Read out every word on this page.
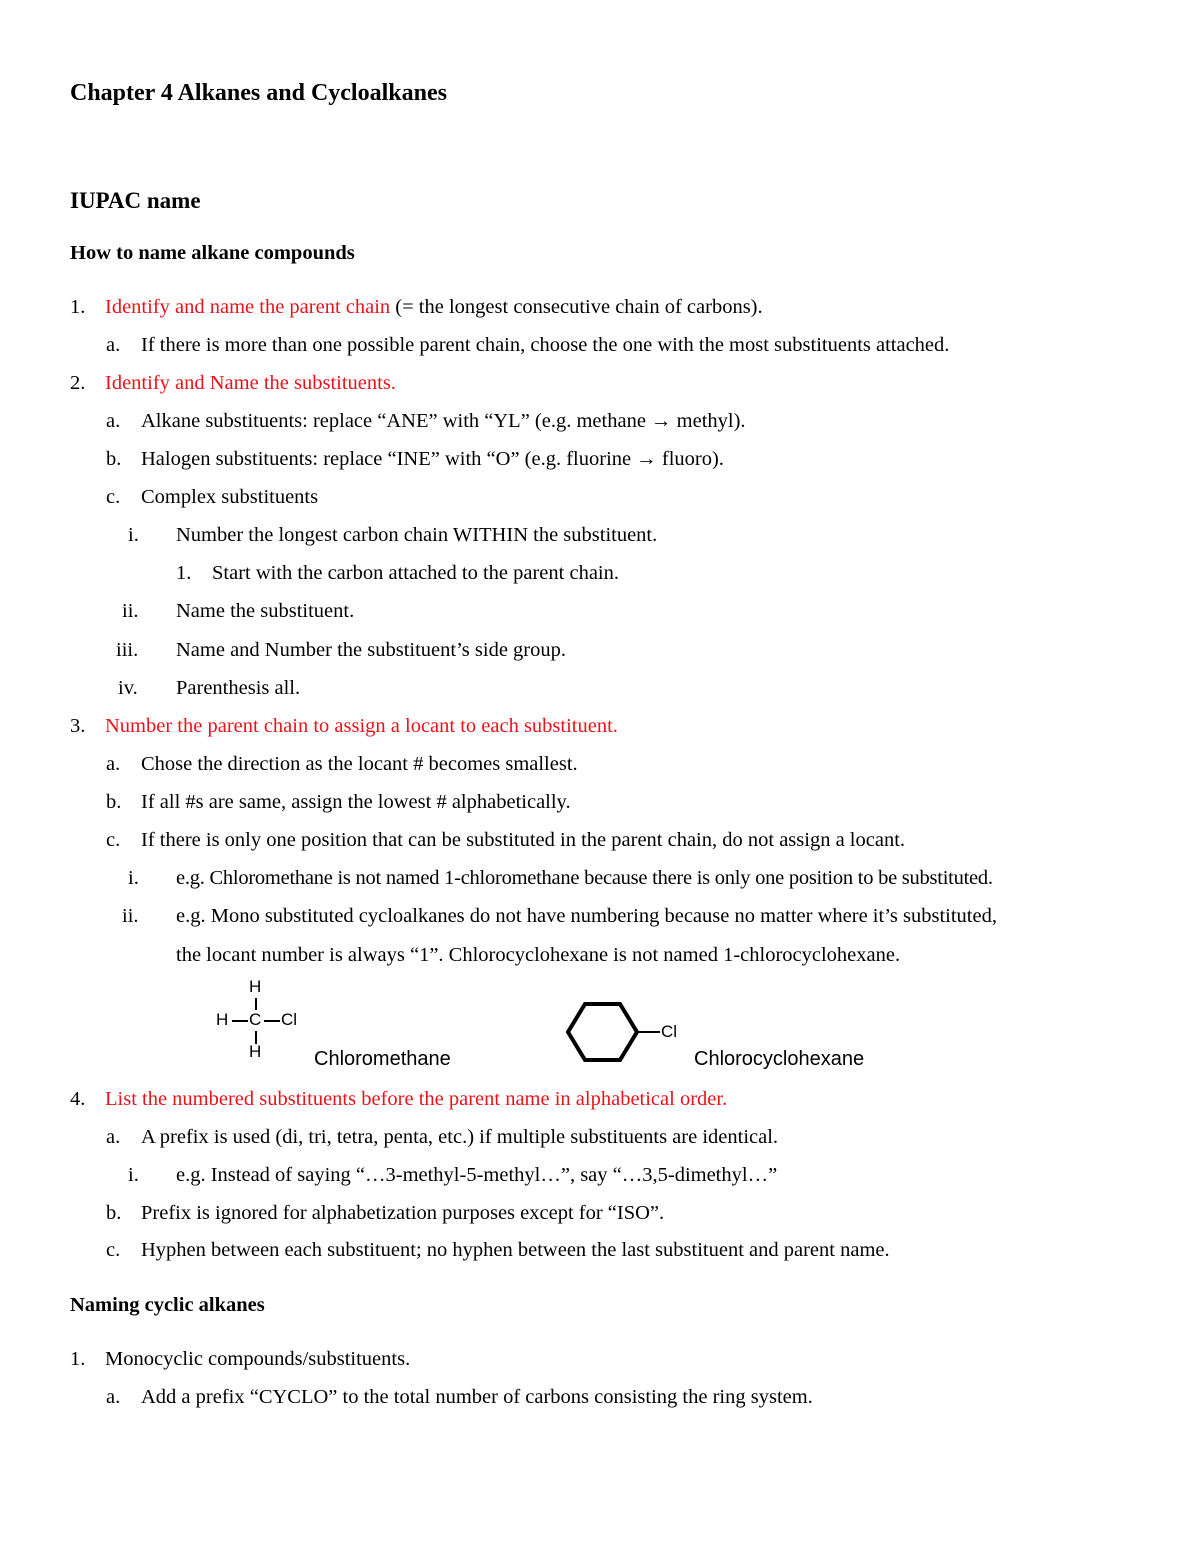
Chapter 4 Alkanes and Cycloalkanes
IUPAC name
How to name alkane compounds
1. Identify and name the parent chain (= the longest consecutive chain of carbons).
a. If there is more than one possible parent chain, choose the one with the most substituents attached.
2. Identify and Name the substituents.
a. Alkane substituents: replace “ANE” with “YL” (e.g. methane → methyl).
b. Halogen substituents: replace “INE” with “O” (e.g. fluorine → fluoro).
c. Complex substituents
i. Number the longest carbon chain WITHIN the substituent.
1. Start with the carbon attached to the parent chain.
ii. Name the substituent.
iii. Name and Number the substituent’s side group.
iv. Parenthesis all.
3. Number the parent chain to assign a locant to each substituent.
a. Chose the direction as the locant # becomes smallest.
b. If all #s are same, assign the lowest # alphabetically.
c. If there is only one position that can be substituted in the parent chain, do not assign a locant.
i. e.g. Chloromethane is not named 1-chloromethane because there is only one position to be substituted.
ii. e.g. Mono substituted cycloalkanes do not have numbering because no matter where it’s substituted,
the locant number is always “1”. Chlorocyclohexane is not named 1-chlorocyclohexane.
H
H C Cl
H
Cl
Chloromethane	Chlorocyclohexane
4. List the numbered substituents before the parent name in alphabetical order.
a. A prefix is used (di, tri, tetra, penta, etc.) if multiple substituents are identical.
i. e.g. Instead of saying “…3-methyl-5-methyl…”, say “…3,5-dimethyl…”
b. Prefix is ignored for alphabetization purposes except for “ISO”.
c. Hyphen between each substituent; no hyphen between the last substituent and parent name.
Naming cyclic alkanes
1. Monocyclic compounds/substituents.
a. Add a prefix “CYCLO” to the total number of carbons consisting the ring system.
